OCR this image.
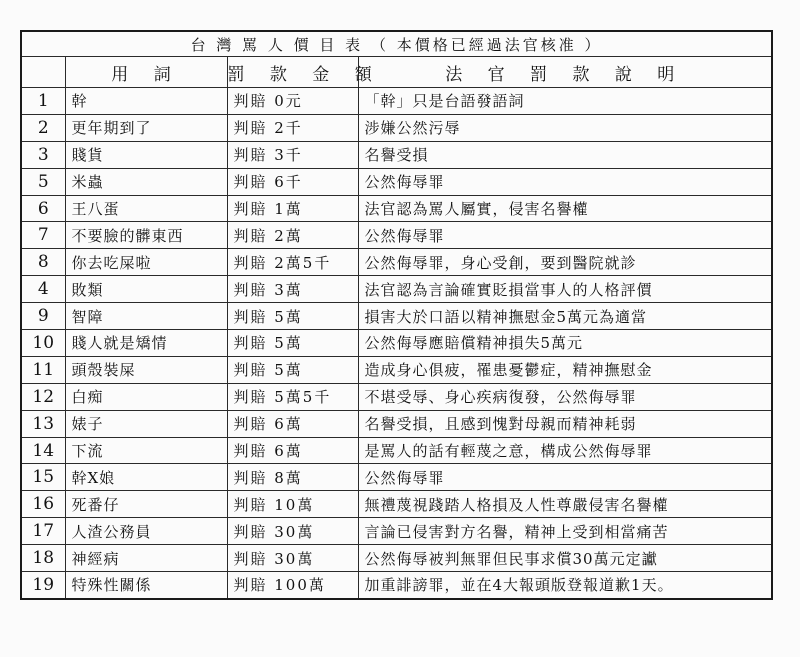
台 灣 罵 人 價 目 表 （ 本價格已經過法官核准 ）			
	用 詞	罰 款 金 額	法 官 罰 款 說 明
1	幹	判賠 0元	「幹」只是台語發語詞
2	更年期到了	判賠 2千	涉嫌公然污辱
3	賤貨	判賠 3千	名譽受損
5	米蟲	判賠 6千	公然侮辱罪
6	王八蛋	判賠 1萬	法官認為罵人屬實，侵害名譽權
7	不要臉的髒東西	判賠 2萬	公然侮辱罪
8	你去吃屎啦	判賠 2萬5千	公然侮辱罪，身心受創，要到醫院就診
4	敗類	判賠 3萬	法官認為言論確實貶損當事人的人格評價
9	智障	判賠 5萬	損害大於口語以精神撫慰金5萬元為適當
10	賤人就是矯情	判賠 5萬	公然侮辱應賠償精神損失5萬元
11	頭殼裝屎	判賠 5萬	造成身心俱疲，罹患憂鬱症，精神撫慰金
12	白痴	判賠 5萬5千	不堪受辱、身心疾病復發，公然侮辱罪
13	婊子	判賠 6萬	名譽受損，且感到愧對母親而精神耗弱
14	下流	判賠 6萬	是罵人的話有輕蔑之意，構成公然侮辱罪
15	幹X娘	判賠 8萬	公然侮辱罪
16	死番仔	判賠 10萬	無禮蔑視踐踏人格損及人性尊嚴侵害名譽權
17	人渣公務員	判賠 30萬	言論已侵害對方名譽，精神上受到相當痛苦
18	神經病	判賠 30萬	公然侮辱被判無罪但民事求償30萬元定讞
19	特殊性關係	判賠 100萬	加重誹謗罪，並在4大報頭版登報道歉1天。
